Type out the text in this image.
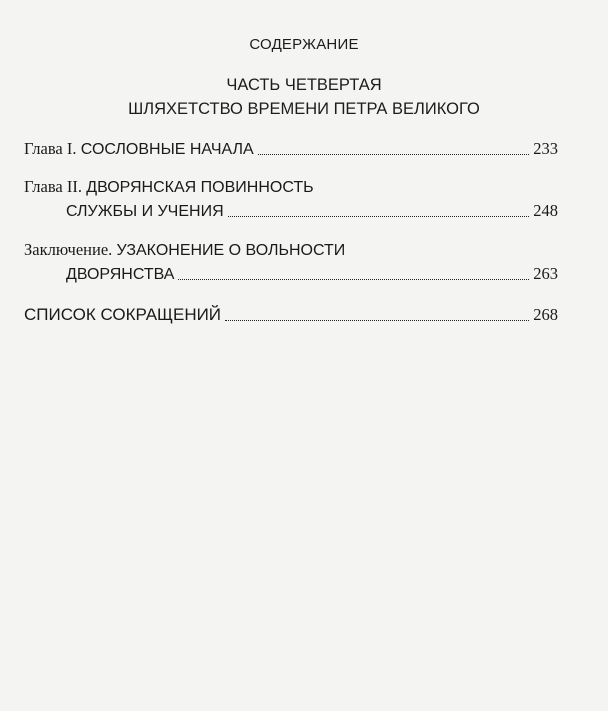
СОДЕРЖАНИЕ
ЧАСТЬ ЧЕТВЕРТАЯ
ШЛЯХЕТСТВО ВРЕМЕНИ ПЕТРА ВЕЛИКОГО
Глава I.
СОСЛОВНЫЕ НАЧАЛА	233
Глава II.
ДВОРЯНСКАЯ ПОВИННОСТЬ
СЛУЖБЫ И УЧЕНИЯ	248
Заключение.
УЗАКОНЕНИЕ О ВОЛЬНОСТИ
ДВОРЯНСТВА	263
СПИСОК СОКРАЩЕНИЙ	268
